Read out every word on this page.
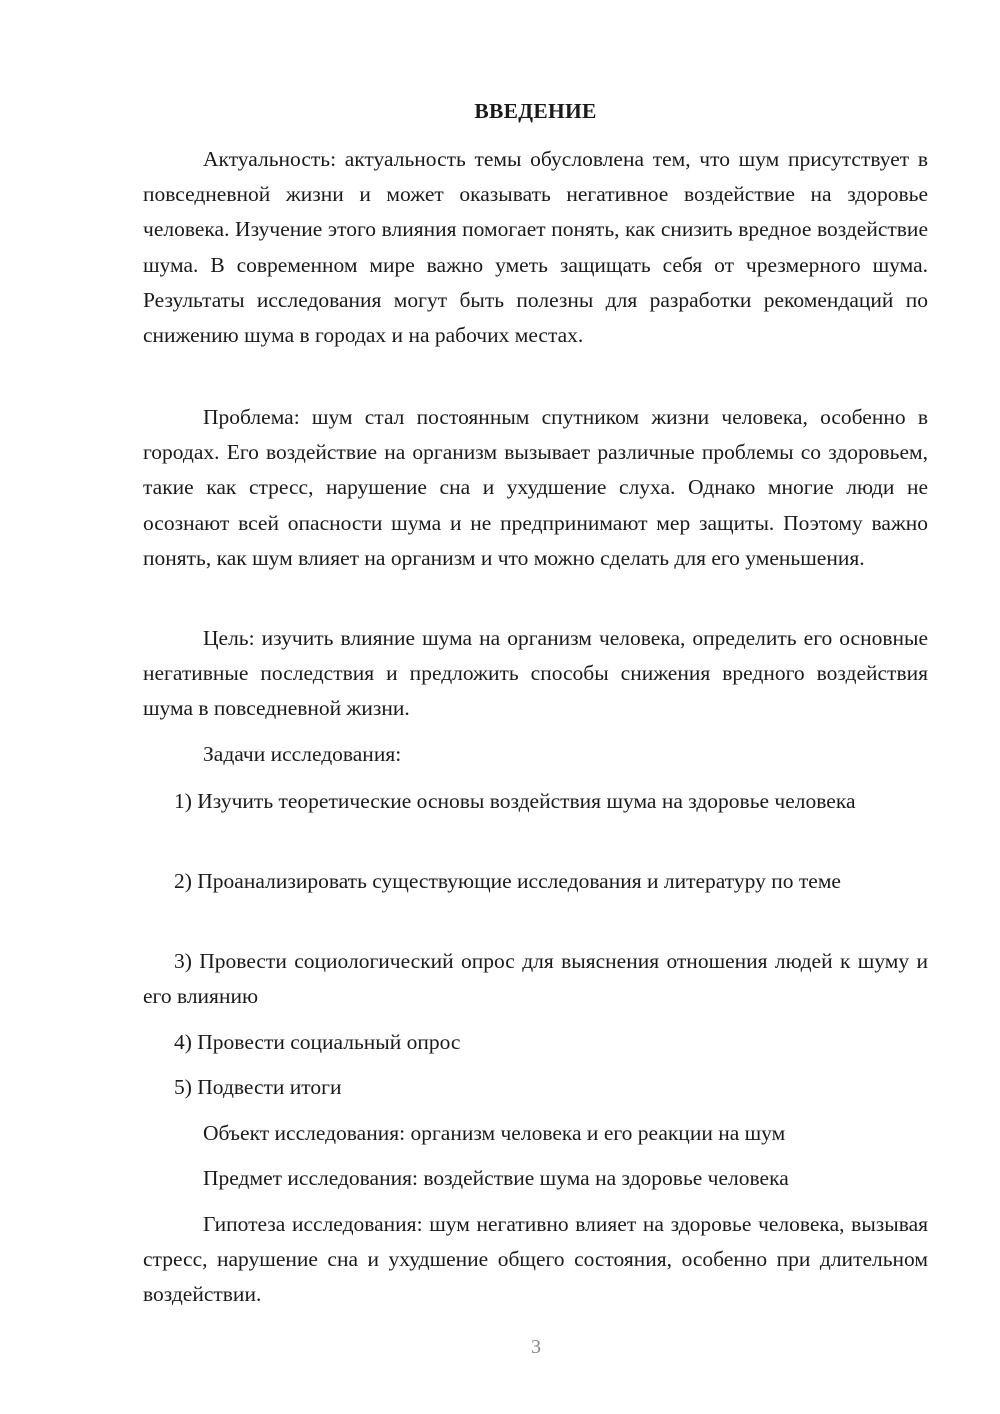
ВВЕДЕНИЕ

Актуальность: актуальность темы обусловлена тем, что шум присутствует в повседневной жизни и может оказывать негативное воздействие на здоровье человека. Изучение этого влияния помогает понять, как снизить вредное воздействие шума. В современном мире важно уметь защищать себя от чрезмерного шума. Результаты исследования могут быть полезны для разработки рекомендаций по снижению шума в городах и на рабочих местах.

Проблема: шум стал постоянным спутником жизни человека, особенно в городах. Его воздействие на организм вызывает различные проблемы со здоровьем, такие как стресс, нарушение сна и ухудшение слуха. Однако многие люди не осознают всей опасности шума и не предпринимают мер защиты. Поэтому важно понять, как шум влияет на организм и что можно сделать для его уменьшения.

Цель: изучить влияние шума на организм человека, определить его основные негативные последствия и предложить способы снижения вредного воздействия шума в повседневной жизни.

Задачи исследования:

1) Изучить теоретические основы воздействия шума на здоровье человека

2) Проанализировать существующие исследования и литературу по теме

3) Провести социологический опрос для выяснения отношения людей к шуму и его влиянию

4) Провести социальный опрос

5) Подвести итоги

Объект исследования: организм человека и его реакции на шум

Предмет исследования: воздействие шума на здоровье человека

Гипотеза исследования: шум негативно влияет на здоровье человека, вызывая стресс, нарушение сна и ухудшение общего состояния, особенно при длительном воздействии.

3
